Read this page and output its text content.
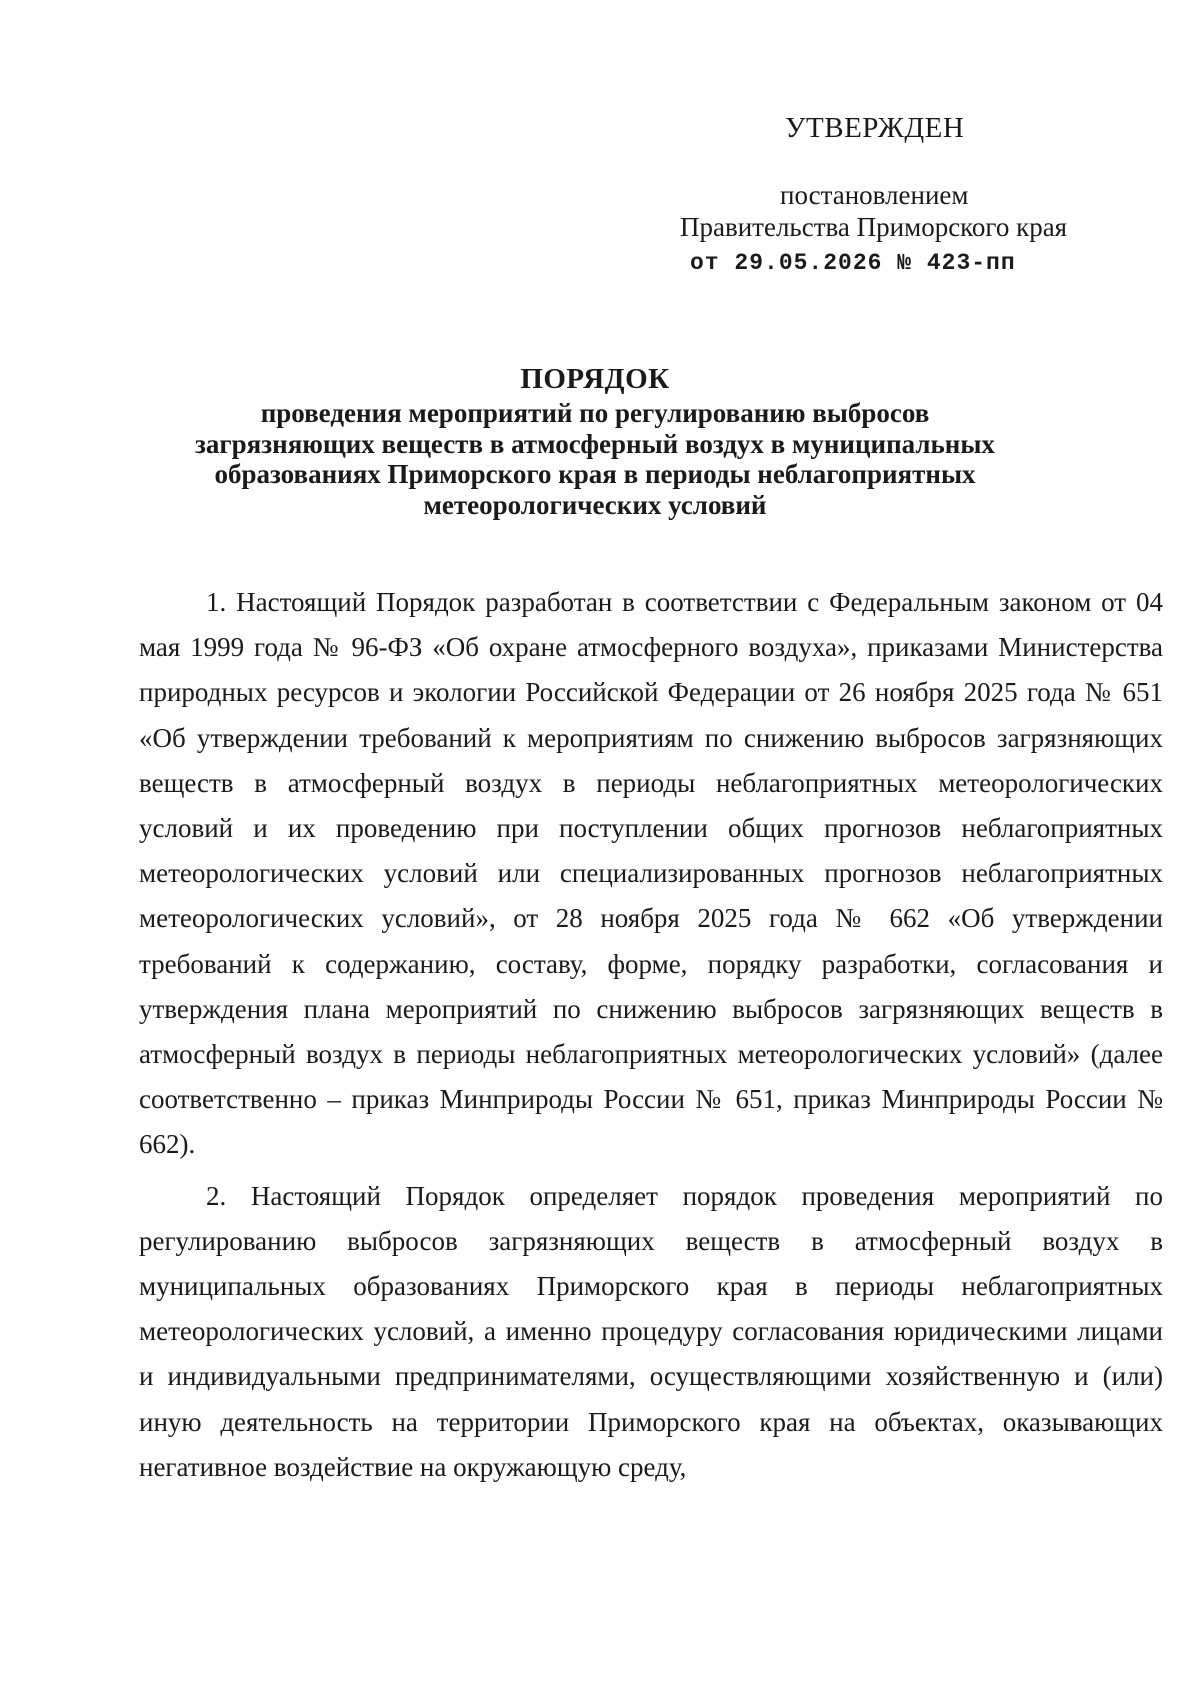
УТВЕРЖДЕН
постановлением
Правительства Приморского края
от 29.05.2026 № 423-пп

ПОРЯДОК

проведения мероприятий по регулированию выбросов

загрязняющих веществ в атмосферный воздух в муниципальных

образованиях Приморского края в периоды неблагоприятных

метеорологических условий

1. Настоящий Порядок разработан в соответствии с Федеральным законом от 04 мая 1999 года № 96-ФЗ «Об охране атмосферного воздуха», приказами Министерства природных ресурсов и экологии Российской Федерации от 26 ноября 2025 года № 651 «Об утверждении требований к мероприятиям по снижению выбросов загрязняющих веществ в атмосферный воздух в периоды неблагоприятных метеорологических условий и их проведению при поступлении общих прогнозов неблагоприятных метеорологических условий или специализированных прогнозов неблагоприятных метеорологических условий», от 28 ноября 2025 года № 662 «Об утверждении требований к содержанию, составу, форме, порядку разработки, согласования и утверждения плана мероприятий по снижению выбросов загрязняющих веществ в атмосферный воздух в периоды неблагоприятных метеорологических условий» (далее соответственно – приказ Минприроды России № 651, приказ Минприроды России № 662).

2. Настоящий Порядок определяет порядок проведения мероприятий по регулированию выбросов загрязняющих веществ в атмосферный воздух в муниципальных образованиях Приморского края в периоды неблагоприятных метеорологических условий, а именно процедуру согласования юридическими лицами и индивидуальными предпринимателями, осуществляющими хозяйственную и (или) иную деятельность на территории Приморского края на объектах, оказывающих негативное воздействие на окружающую среду,
